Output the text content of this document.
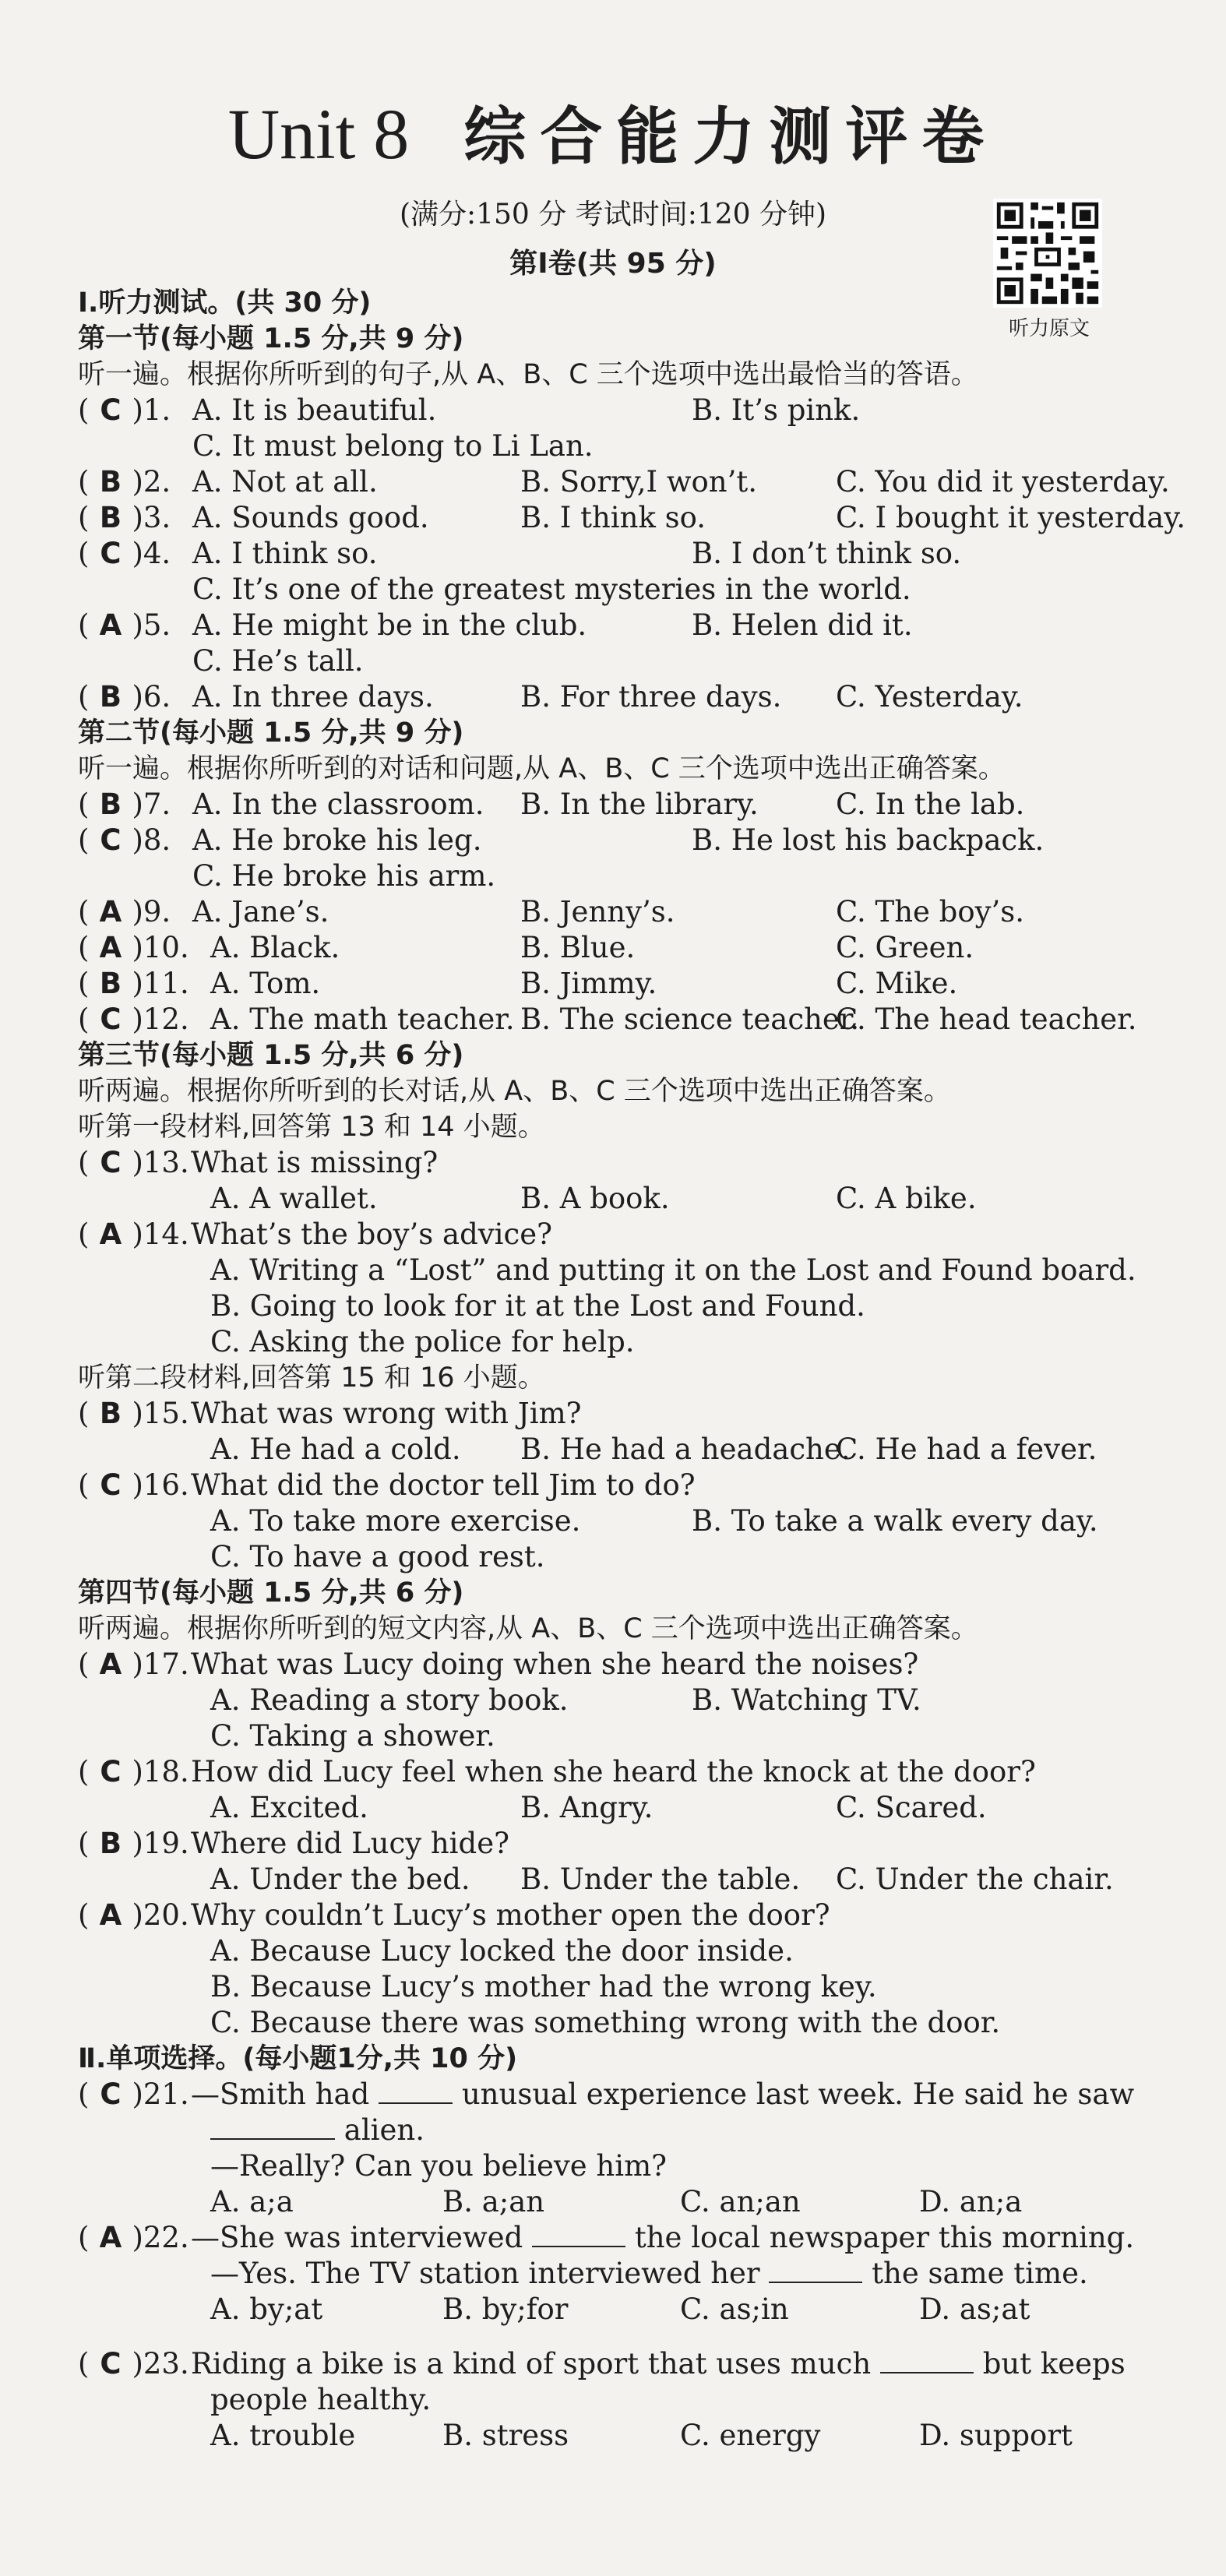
Unit 8 综合能力测评卷
(满分:150 分 考试时间:120 分钟)
第Ⅰ卷(共 95 分)
听力原文
Ⅰ.听力测试。(共 30 分)
第一节(每小题 1.5 分,共 9 分)
听一遍。根据你所听到的句子,从 A、B、C 三个选项中选出最恰当的答语。
( C )1. A. It is beautiful.	B. It’s pink.
C. It must belong to Li Lan.
( B )2. A. Not at all.	B. Sorry,I won’t.	C. You did it yesterday.
( B )3. A. Sounds good.	B. I think so.	C. I bought it yesterday.
( C )4. A. I think so.	B. I don’t think so.
C. It’s one of the greatest mysteries in the world.
( A )5. A. He might be in the club.	B. Helen did it.
C. He’s tall.
( B )6. A. In three days.	B. For three days. C. Yesterday.
第二节(每小题 1.5 分,共 9 分)
听一遍。根据你所听到的对话和问题,从 A、B、C 三个选项中选出正确答案。
( B )7. A. In the classroom. B. In the library.	C. In the lab.
( C )8. A. He broke his leg.	B. He lost his backpack.
C. He broke his arm.
( A )9. A. Jane’s.	B. Jenny’s.	C. The boy’s.
( A )10. A. Black.	B. Blue.	C. Green.
( B )11. A. Tom.	B. Jimmy.	C. Mike.
( C )12. A. The math teacher. B. The science teacher.
C. The head teacher.
第三节(每小题 1.5 分,共 6 分)
听两遍。根据你所听到的长对话,从 A、B、C 三个选项中选出正确答案。
听第一段材料,回答第 13 和 14 小题。
( C )13.What is missing?
A. A wallet.	B. A book.	C. A bike.
( A )14.What’s the boy’s advice?
A. Writing a “Lost” and putting it on the Lost and Found board.
B. Going to look for it at the Lost and Found.
C. Asking the police for help.
听第二段材料,回答第 15 和 16 小题。
( B )15.What was wrong with Jim?
A. He had a cold. B. He had a headache.
C. He had a fever.
( C )16.What did the doctor tell Jim to do?
A. To take more exercise.	B. To take a walk every day.
C. To have a good rest.
第四节(每小题 1.5 分,共 6 分)
听两遍。根据你所听到的短文内容,从 A、B、C 三个选项中选出正确答案。
( A )17.What was Lucy doing when she heard the noises?
A. Reading a story book.	B. Watching TV.
C. Taking a shower.
( C )18.How did Lucy feel when she heard the knock at the door?
A. Excited.	B. Angry.	C. Scared.
( B )19.Where did Lucy hide?
A. Under the bed. B. Under the table. C. Under the chair.
( A )20.Why couldn’t Lucy’s mother open the door?
A. Because Lucy locked the door inside.
B. Because Lucy’s mother had the wrong key.
C. Because there was something wrong with the door.
Ⅱ.单项选择。(每小题1分,共 10 分)
( C )21.—Smith had	unusual experience last week. He said he saw
alien.
—Really? Can you believe him?
A. a;a	B. a;an	C. an;an	D. an;a
( A )22.—She was interviewed	the local newspaper this morning.
—Yes. The TV station interviewed her	the same time.
A. by;at	B. by;for	C. as;in	D. as;at
( C )23.Riding a bike is a kind of sport that uses much	but keeps
people healthy.
A. trouble	B. stress	C. energy	D. support
